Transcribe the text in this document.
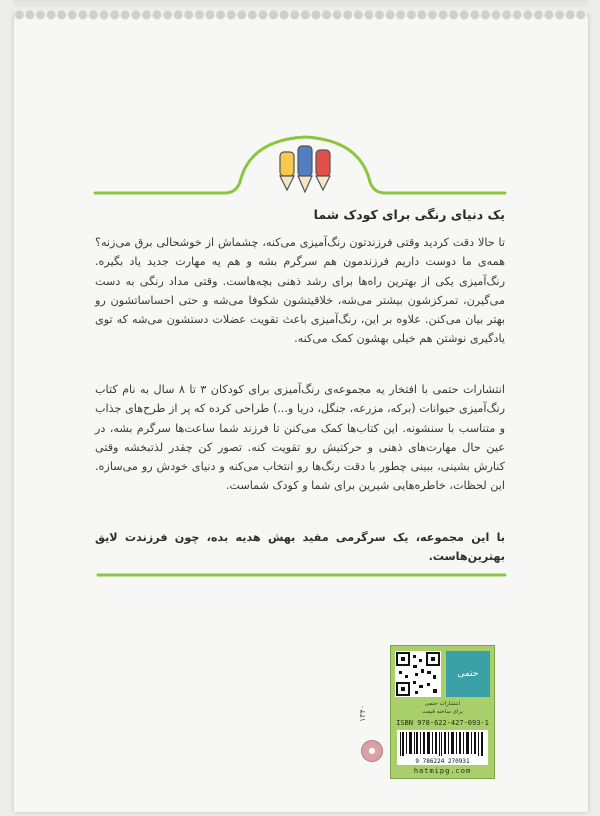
یک دنیای رنگی برای کودک شما
تا حالا دقت کردید وقتی فرزندتون رنگ‌آمیزی می‌کنه، چشماش از خوشحالی برق می‌زنه؟ همه‌ی ما دوست داریم فرزندمون هم سرگرم بشه و هم یه مهارت جدید یاد بگیره. رنگ‌آمیزی یکی از بهترین راه‌ها برای رشد ذهنی بچه‌هاست. وقتی مداد رنگی به دست می‌گیرن، تمرکزشون بیشتر می‌شه، خلاقیتشون شکوفا می‌شه و حتی احساساتشون رو بهتر بیان می‌کنن. علاوه بر این، رنگ‌آمیزی باعث تقویت عضلات دستشون می‌شه که توی یادگیری نوشتن هم خیلی بهشون کمک می‌کنه.
انتشارات حتمی با افتخار یه مجموعه‌ی رنگ‌آمیزی برای کودکان ۳ تا ۸ سال به نام کتاب رنگ‌آمیزی حیوانات (برکه، مزرعه، جنگل، دریا و...) طراحی کرده که پر از طرح‌های جذاب و متناسب با سنشونه. این کتاب‌ها کمک می‌کنن تا فرزند شما ساعت‌ها سرگرم بشه، در عین حال مهارت‌های ذهنی و حرکتیش رو تقویت کنه. تصور کن چقدر لذتبخشه وقتی کنارش بشینی، ببینی چطور با دقت رنگ‌ها رو انتخاب می‌کنه و دنیای خودش رو می‌سازه. این لحظات، خاطره‌هایی شیرین برای شما و کودک شماست.
با این مجموعه، یک سرگرمی مفید بهش هدیه بده، چون فرزندت لایق بهترین‌هاست.
حتمی
انتشارات حتمی
برای ساخته قیمت
ISBN 978-622-427-093-1
9 786224 270931
hatmipg.com
۱۳۴۰
●
